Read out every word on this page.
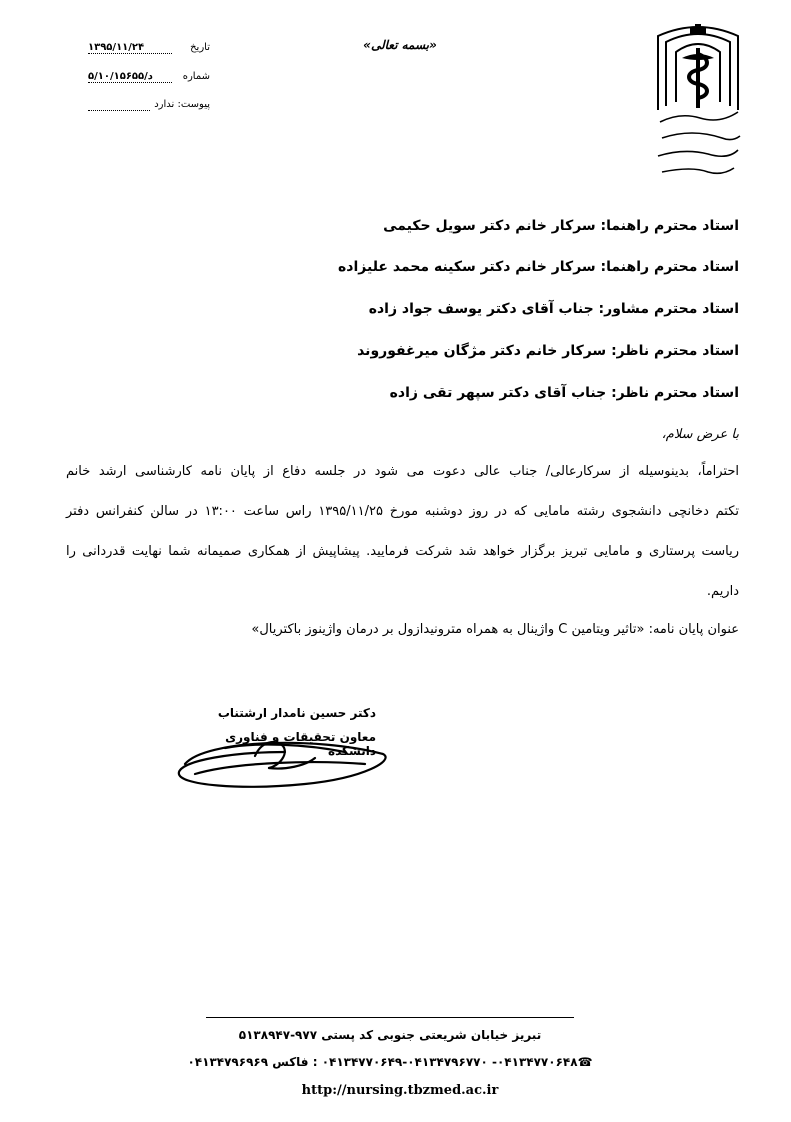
«بسمه تعالی»
تاریخ
۱۳۹۵/۱۱/۲۴
شماره
۵/د/۱۰/۱۵۶۵۵
پیوست: ندارد
استاد محترم راهنما: سرکار خانم دکتر سویل حکیمی
استاد محترم راهنما: سرکار خانم دکتر سکینه محمد علیزاده
استاد محترم مشاور: جناب آقای دکتر یوسف جواد زاده
استاد محترم ناظر: سرکار خانم دکتر مژگان میرغفوروند
استاد محترم ناظر: جناب آقای دکتر سپهر تقی زاده
با عرض سلام،
احتراماً، بدینوسیله از سرکارعالی/ جناب عالی دعوت می شود در جلسه دفاع از پایان نامه کارشناسی ارشد خانم
تکتم دخانچی دانشجوی رشته مامایی که در روز دوشنبه مورخ ۱۳۹۵/۱۱/۲۵ راس ساعت ۱۳:۰۰ در سالن کنفرانس دفتر
ریاست پرستاری و مامایی تبریز برگزار خواهد شد شرکت فرمایید. پیشاپیش از همکاری صمیمانه شما نهایت قدردانی را
داریم.
عنوان پایان نامه: «تاثیر ویتامین C واژینال به همراه مترونیدازول بر درمان واژینوز باکتریال»
دکتر حسین نامدار ارشتناب
معاون تحقیقات و فناوری دانشکده
تبریز خیابان شریعتی جنوبی کد پستی ۹۷۷-۵۱۳۸۹۴۷
☎۰۴۱۳۴۷۷۰۶۴۸- ۰۴۱۳۴۷۷۰۶۴۹-۰۴۱۳۴۷۹۶۷۷۰ : فاکس ۰۴۱۳۴۷۹۶۹۶۹
http://nursing.tbzmed.ac.ir
